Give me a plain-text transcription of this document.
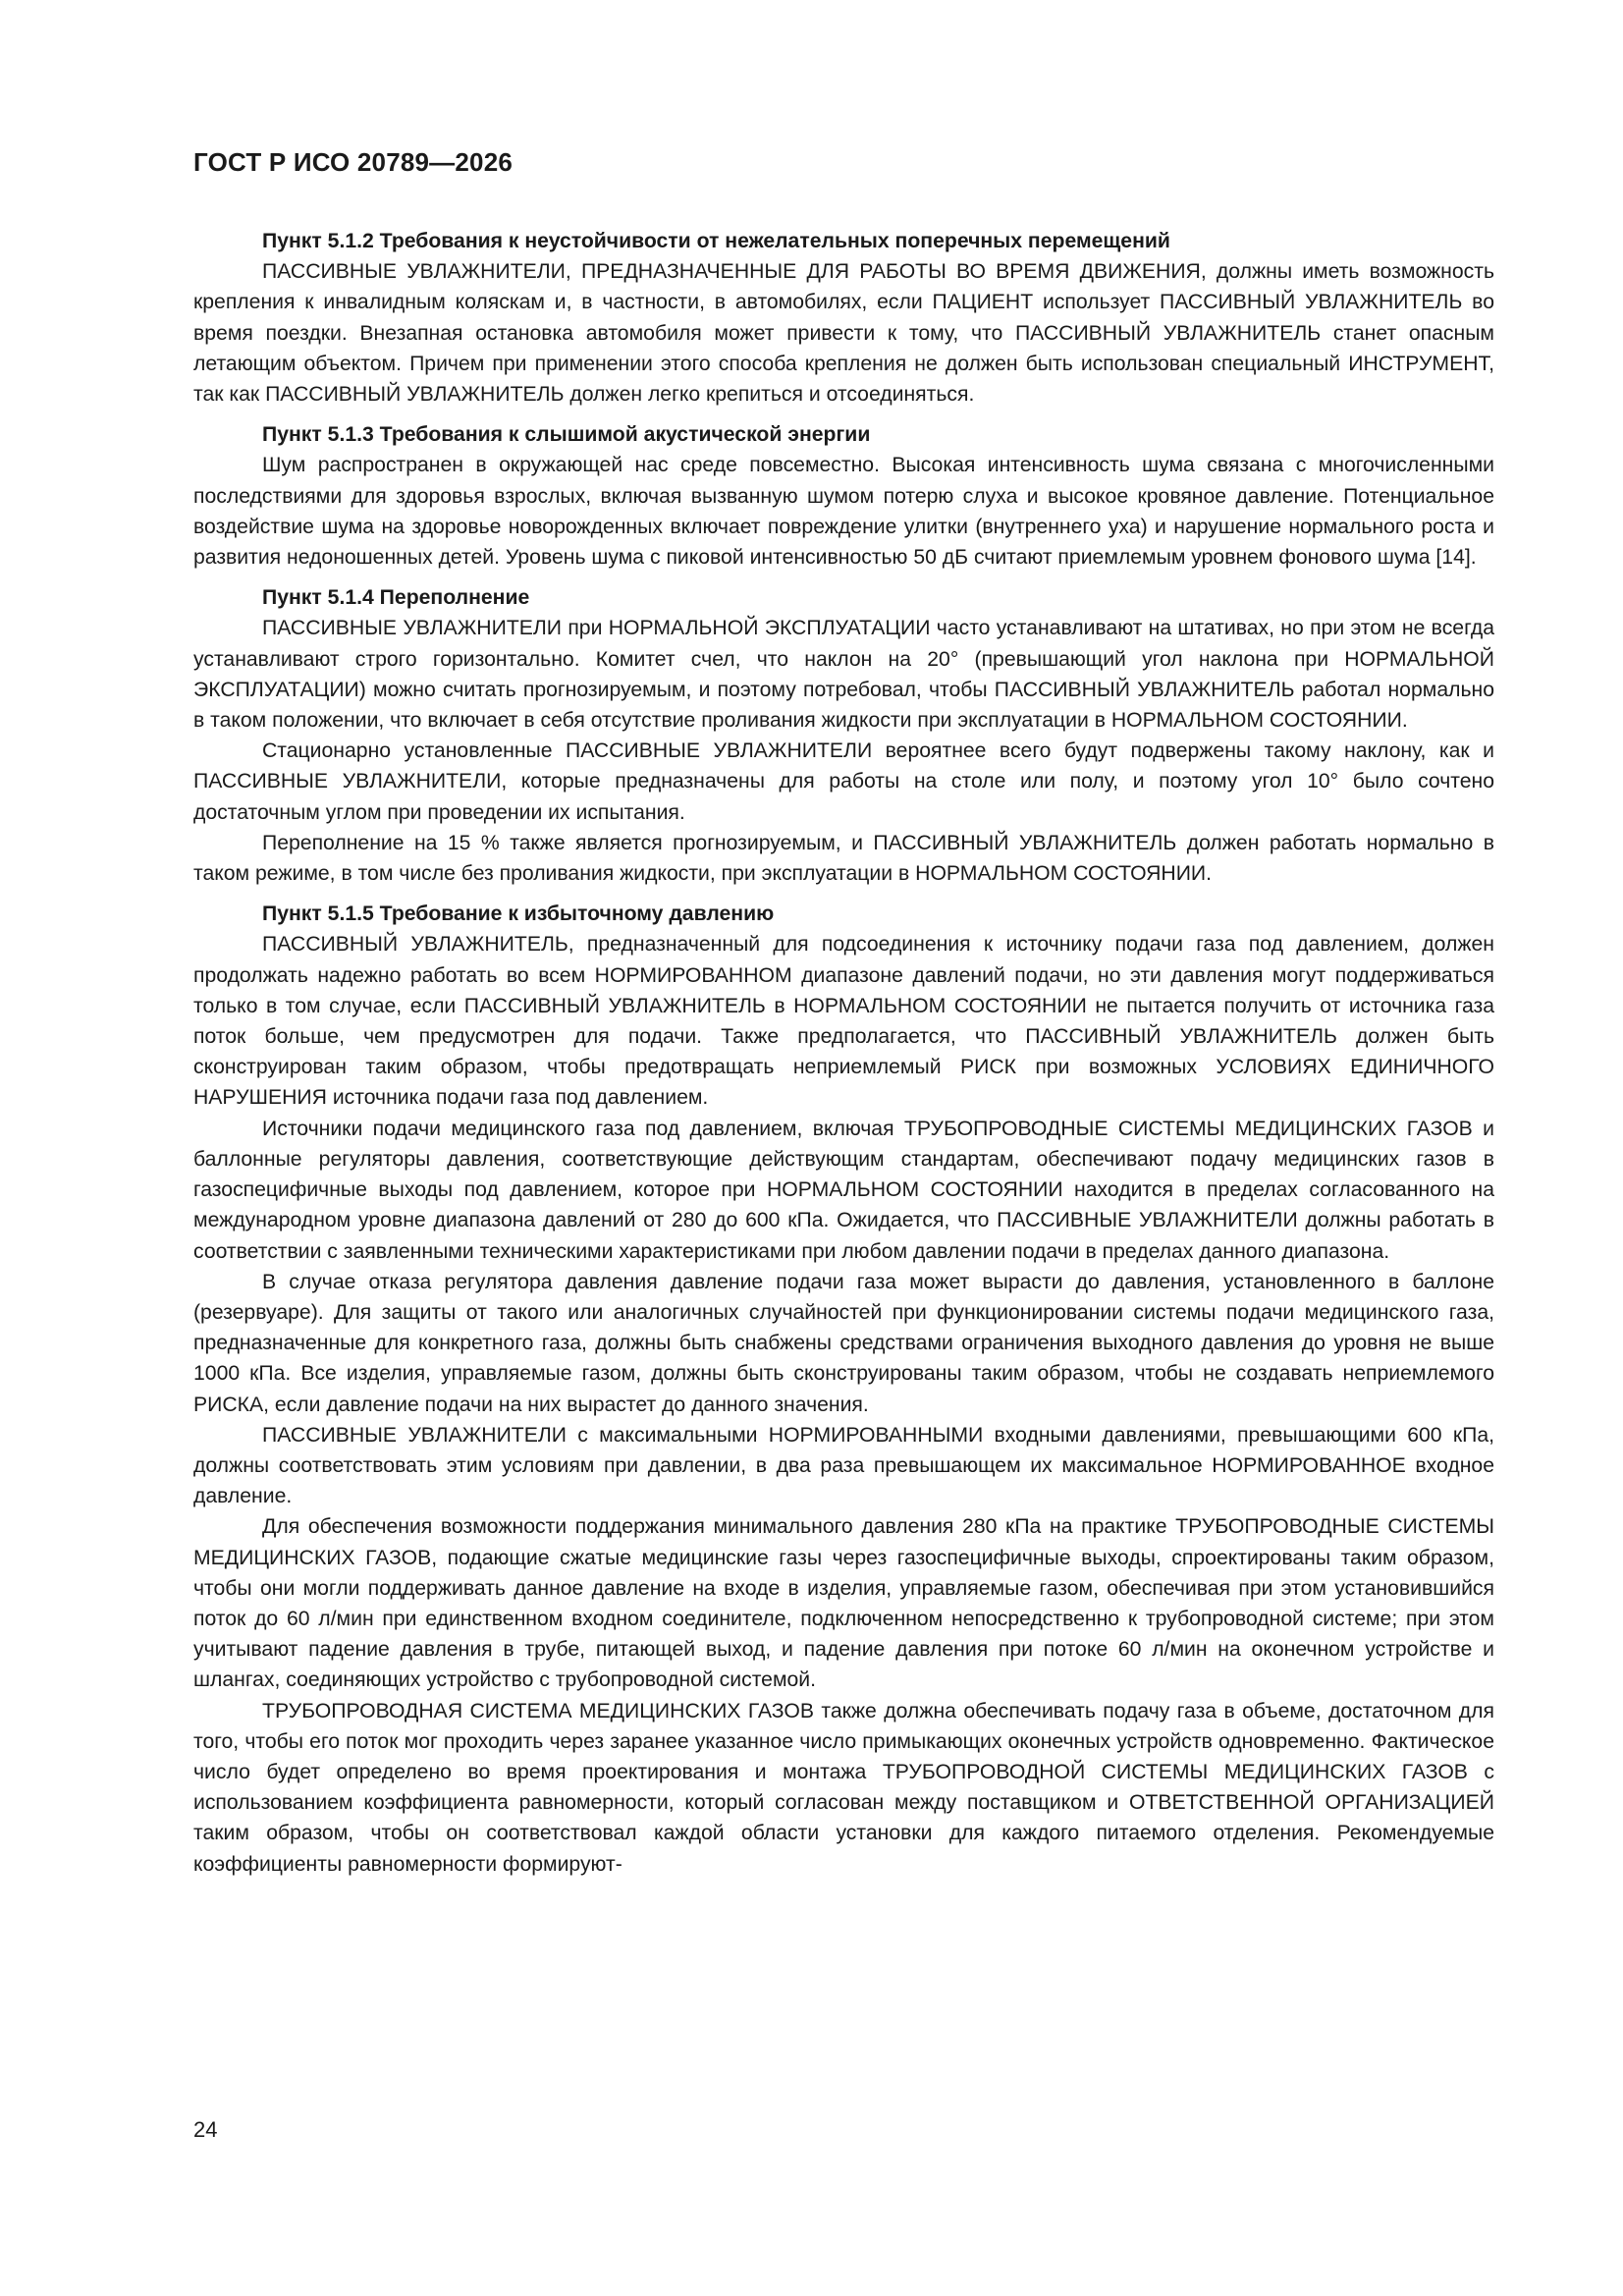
ГОСТ Р ИСО 20789—2026

Пункт 5.1.2 Требования к неустойчивости от нежелательных поперечных перемещений

ПАССИВНЫЕ УВЛАЖНИТЕЛИ, ПРЕДНАЗНАЧЕННЫЕ ДЛЯ РАБОТЫ ВО ВРЕМЯ ДВИЖЕНИЯ, должны иметь возможность крепления к инвалидным коляскам и, в частности, в автомобилях, если ПАЦИЕНТ использует ПАССИВНЫЙ УВЛАЖНИТЕЛЬ во время поездки. Внезапная остановка автомобиля может привести к тому, что ПАССИВНЫЙ УВЛАЖНИТЕЛЬ станет опасным летающим объектом. Причем при применении этого способа крепления не должен быть использован специальный ИНСТРУМЕНТ, так как ПАССИВНЫЙ УВЛАЖНИТЕЛЬ должен легко крепиться и отсоединяться.

Пункт 5.1.3 Требования к слышимой акустической энергии

Шум распространен в окружающей нас среде повсеместно. Высокая интенсивность шума связана с многочисленными последствиями для здоровья взрослых, включая вызванную шумом потерю слуха и высокое кровяное давление. Потенциальное воздействие шума на здоровье новорожденных включает повреждение улитки (внутреннего уха) и нарушение нормального роста и развития недоношенных детей. Уровень шума с пиковой интенсивностью 50 дБ считают приемлемым уровнем фонового шума [14].

Пункт 5.1.4 Переполнение

ПАССИВНЫЕ УВЛАЖНИТЕЛИ при НОРМАЛЬНОЙ ЭКСПЛУАТАЦИИ часто устанавливают на штативах, но при этом не всегда устанавливают строго горизонтально. Комитет счел, что наклон на 20° (превышающий угол наклона при НОРМАЛЬНОЙ ЭКСПЛУАТАЦИИ) можно считать прогнозируемым, и поэтому потребовал, чтобы ПАССИВНЫЙ УВЛАЖНИТЕЛЬ работал нормально в таком положении, что включает в себя отсутствие проливания жидкости при эксплуатации в НОРМАЛЬНОМ СОСТОЯНИИ.

Стационарно установленные ПАССИВНЫЕ УВЛАЖНИТЕЛИ вероятнее всего будут подвержены такому наклону, как и ПАССИВНЫЕ УВЛАЖНИТЕЛИ, которые предназначены для работы на столе или полу, и поэтому угол 10° было сочтено достаточным углом при проведении их испытания.

Переполнение на 15 % также является прогнозируемым, и ПАССИВНЫЙ УВЛАЖНИТЕЛЬ должен работать нормально в таком режиме, в том числе без проливания жидкости, при эксплуатации в НОРМАЛЬНОМ СОСТОЯНИИ.

Пункт 5.1.5 Требование к избыточному давлению

ПАССИВНЫЙ УВЛАЖНИТЕЛЬ, предназначенный для подсоединения к источнику подачи газа под давлением, должен продолжать надежно работать во всем НОРМИРОВАННОМ диапазоне давлений подачи, но эти давления могут поддерживаться только в том случае, если ПАССИВНЫЙ УВЛАЖНИТЕЛЬ в НОРМАЛЬНОМ СОСТОЯНИИ не пытается получить от источника газа поток больше, чем предусмотрен для подачи. Также предполагается, что ПАССИВНЫЙ УВЛАЖНИТЕЛЬ должен быть сконструирован таким образом, чтобы предотвращать неприемлемый РИСК при возможных УСЛОВИЯХ ЕДИНИЧНОГО НАРУШЕНИЯ источника подачи газа под давлением.

Источники подачи медицинского газа под давлением, включая ТРУБОПРОВОДНЫЕ СИСТЕМЫ МЕДИЦИНСКИХ ГАЗОВ и баллонные регуляторы давления, соответствующие действующим стандартам, обеспечивают подачу медицинских газов в газоспецифичные выходы под давлением, которое при НОРМАЛЬНОМ СОСТОЯНИИ находится в пределах согласованного на международном уровне диапазона давлений от 280 до 600 кПа. Ожидается, что ПАССИВНЫЕ УВЛАЖНИТЕЛИ должны работать в соответствии с заявленными техническими характеристиками при любом давлении подачи в пределах данного диапазона.

В случае отказа регулятора давления давление подачи газа может вырасти до давления, установленного в баллоне (резервуаре). Для защиты от такого или аналогичных случайностей при функционировании системы подачи медицинского газа, предназначенные для конкретного газа, должны быть снабжены средствами ограничения выходного давления до уровня не выше 1000 кПа. Все изделия, управляемые газом, должны быть сконструированы таким образом, чтобы не создавать неприемлемого РИСКА, если давление подачи на них вырастет до данного значения.

ПАССИВНЫЕ УВЛАЖНИТЕЛИ с максимальными НОРМИРОВАННЫМИ входными давлениями, превышающими 600 кПа, должны соответствовать этим условиям при давлении, в два раза превышающем их максимальное НОРМИРОВАННОЕ входное давление.

Для обеспечения возможности поддержания минимального давления 280 кПа на практике ТРУБОПРОВОДНЫЕ СИСТЕМЫ МЕДИЦИНСКИХ ГАЗОВ, подающие сжатые медицинские газы через газоспецифичные выходы, спроектированы таким образом, чтобы они могли поддерживать данное давление на входе в изделия, управляемые газом, обеспечивая при этом установившийся поток до 60 л/мин при единственном входном соединителе, подключенном непосредственно к трубопроводной системе; при этом учитывают падение давления в трубе, питающей выход, и падение давления при потоке 60 л/мин на оконечном устройстве и шлангах, соединяющих устройство с трубопроводной системой.

ТРУБОПРОВОДНАЯ СИСТЕМА МЕДИЦИНСКИХ ГАЗОВ также должна обеспечивать подачу газа в объеме, достаточном для того, чтобы его поток мог проходить через заранее указанное число примыкающих оконечных устройств одновременно. Фактическое число будет определено во время проектирования и монтажа ТРУБОПРОВОДНОЙ СИСТЕМЫ МЕДИЦИНСКИХ ГАЗОВ с использованием коэффициента равномерности, который согласован между поставщиком и ОТВЕТСТВЕННОЙ ОРГАНИЗАЦИЕЙ таким образом, чтобы он соответствовал каждой области установки для каждого питаемого отделения. Рекомендуемые коэффициенты равномерности формируют-

24
